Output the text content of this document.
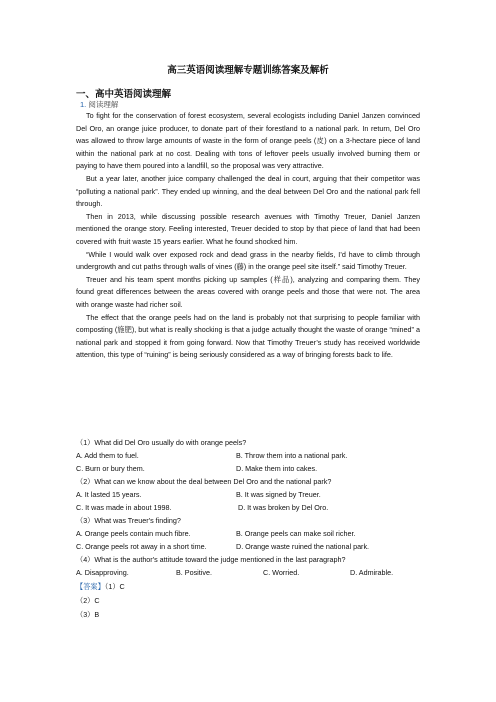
高三英语阅读理解专题训练答案及解析
一、高中英语阅读理解
1. 阅读理解

To fight for the conservation of forest ecosystem, several ecologists including Daniel Janzen convinced Del Oro, an orange juice producer, to donate part of their forestland to a national park. In return, Del Oro was allowed to throw large amounts of waste in the form of orange peels (皮) on a 3-hectare piece of land within the national park at no cost. Dealing with tons of leftover peels usually involved burning them or paying to have them poured into a landfill, so the proposal was very attractive.

But a year later, another juice company challenged the deal in court, arguing that their competitor was “polluting a national park”. They ended up winning, and the deal between Del Oro and the national park fell through.

Then in 2013, while discussing possible research avenues with Timothy Treuer, Daniel Janzen mentioned the orange story. Feeling interested, Treuer decided to stop by that piece of land that had been covered with fruit waste 15 years earlier. What he found shocked him.

“While I would walk over exposed rock and dead grass in the nearby fields, I’d have to climb through undergrowth and cut paths through walls of vines (藤) in the orange peel site itself.” said Timothy Treuer.

Treuer and his team spent months picking up samples (样品), analyzing and comparing them. They found great differences between the areas covered with orange peels and those that were not. The area with orange waste had richer soil.

The effect that the orange peels had on the land is probably not that surprising to people familiar with composting (施肥), but what is really shocking is that a judge actually thought the waste of orange “mined” a national park and stopped it from going forward. Now that Timothy Treuer’s study has received worldwide attention, this type of “ruining” is being seriously considered as a way of bringing forests back to life.

（1）What did Del Oro usually do with orange peels?
A. Add them to fuel.	B. Throw them into a national park.
C. Burn or bury them.	D. Make them into cakes.
（2）What can we know about the deal between Del Oro and the national park?
A. It lasted 15 years.	B. It was signed by Treuer.
C. It was made in about 1998.	D. It was broken by Del Oro.
（3）What was Treuer's finding?
A. Orange peels contain much fibre.	B. Orange peels can make soil richer.
C. Orange peels rot away in a short time.	D. Orange waste ruined the national park.
（4）What is the author's attitude toward the judge mentioned in the last paragraph?
A. Disapproving.	B. Positive.	C. Worried.	D. Admirable.
【答案】（1）C
（2）C
（3）B
